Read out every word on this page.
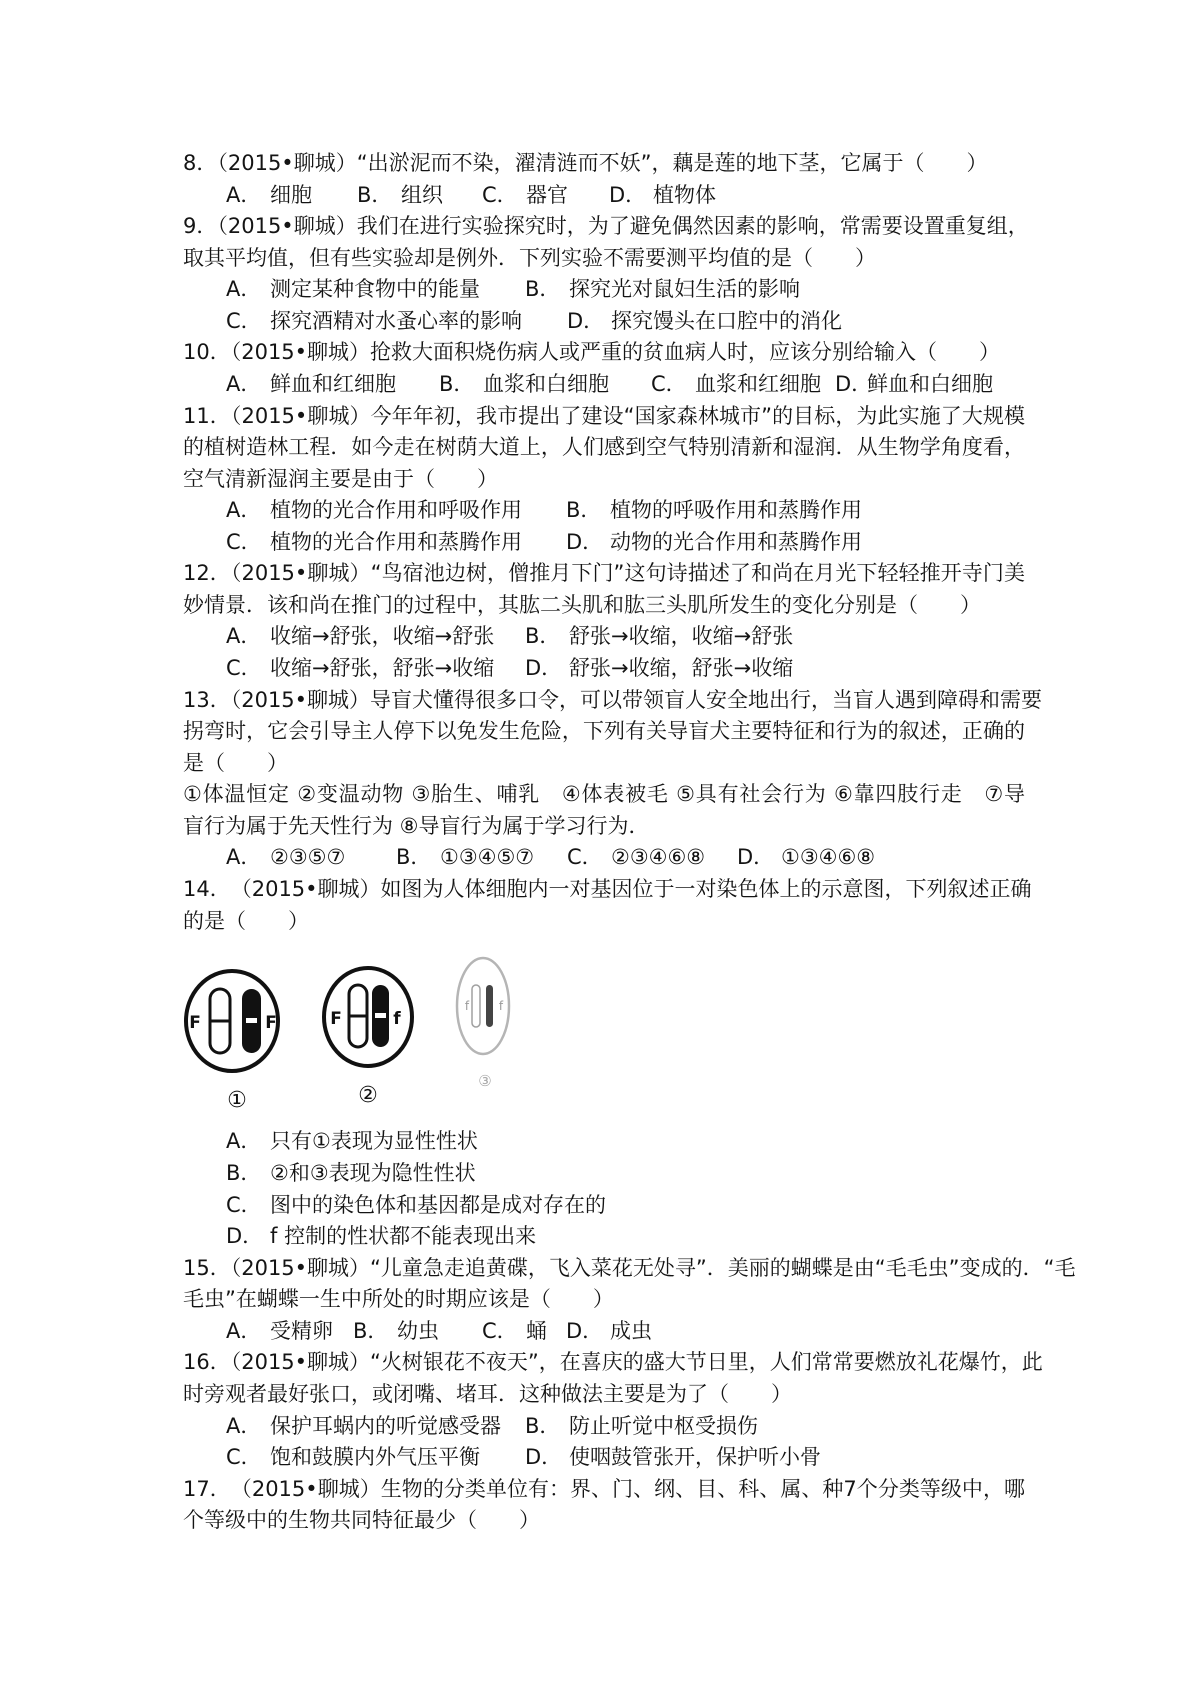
8．（2015•聊城）“出淤泥而不染，濯清涟而不妖”，藕是莲的地下茎，它属于（　　）
A． 细胞 B． 组织 C． 器官 D． 植物体
9．（2015•聊城）我们在进行实验探究时，为了避免偶然因素的影响，常需要设置重复组，
取其平均值，但有些实验却是例外．下列实验不需要测平均值的是（　　）
A． 测定某种食物中的能量 B． 探究光对鼠妇生活的影响
C． 探究酒精对水蚤心率的影响 D． 探究馒头在口腔中的消化
10．（2015•聊城）抢救大面积烧伤病人或严重的贫血病人时，应该分别给输入（　　）
A． 鲜血和红细胞 B． 血浆和白细胞 C． 血浆和红细胞 D．鲜血和白细胞
11．（2015•聊城）今年年初，我市提出了建设“国家森林城市”的目标，为此实施了大规模
的植树造林工程．如今走在树荫大道上，人们感到空气特别清新和湿润．从生物学角度看，
空气清新湿润主要是由于（　　）
A． 植物的光合作用和呼吸作用 B． 植物的呼吸作用和蒸腾作用
C． 植物的光合作用和蒸腾作用 D． 动物的光合作用和蒸腾作用
12．（2015•聊城）“鸟宿池边树，僧推月下门”这句诗描述了和尚在月光下轻轻推开寺门美
妙情景．该和尚在推门的过程中，其肱二头肌和肱三头肌所发生的变化分别是（　　）
A． 收缩→舒张，收缩→舒张 B． 舒张→收缩，收缩→舒张
C． 收缩→舒张，舒张→收缩 D． 舒张→收缩，舒张→收缩
13．（2015•聊城）导盲犬懂得很多口令，可以带领盲人安全地出行，当盲人遇到障碍和需要
拐弯时，它会引导主人停下以免发生危险，下列有关导盲犬主要特征和行为的叙述，正确的
是（　　）
①体温恒定 ②变温动物 ③胎生、哺乳　④体表被毛 ⑤具有社会行为 ⑥靠四肢行走　⑦导
盲行为属于先天性行为 ⑧导盲行为属于学习行为．
A． ②③⑤⑦ B． ①③④⑤⑦ C． ②③④⑥⑧ D． ①③④⑥⑧
14．　（2015•聊城）如图为人体细胞内一对基因位于一对染色体上的示意图，下列叙述正确
的是（　　）
F	F
①
F	f
②
f f
③
A． 只有①表现为显性性状
B． ②和③表现为隐性性状
C． 图中的染色体和基因都是成对存在的
D． f 控制的性状都不能表现出来
15．（2015•聊城）“儿童急走追黄碟，飞入菜花无处寻”．美丽的蝴蝶是由“毛毛虫”变成的．“毛
毛虫”在蝴蝶一生中所处的时期应该是（　　）
A． 受精卵 B． 幼虫 C． 蛹 D． 成虫
16．（2015•聊城）“火树银花不夜天”，在喜庆的盛大节日里，人们常常要燃放礼花爆竹，此
时旁观者最好张口，或闭嘴、堵耳．这种做法主要是为了（　　）
A． 保护耳蜗内的听觉感受器 B． 防止听觉中枢受损伤
C． 饱和鼓膜内外气压平衡 D． 使咽鼓管张开，保护听小骨
17．　（2015•聊城）生物的分类单位有：界、门、纲、目、科、属、种7个分类等级中，哪
个等级中的生物共同特征最少（　　）
